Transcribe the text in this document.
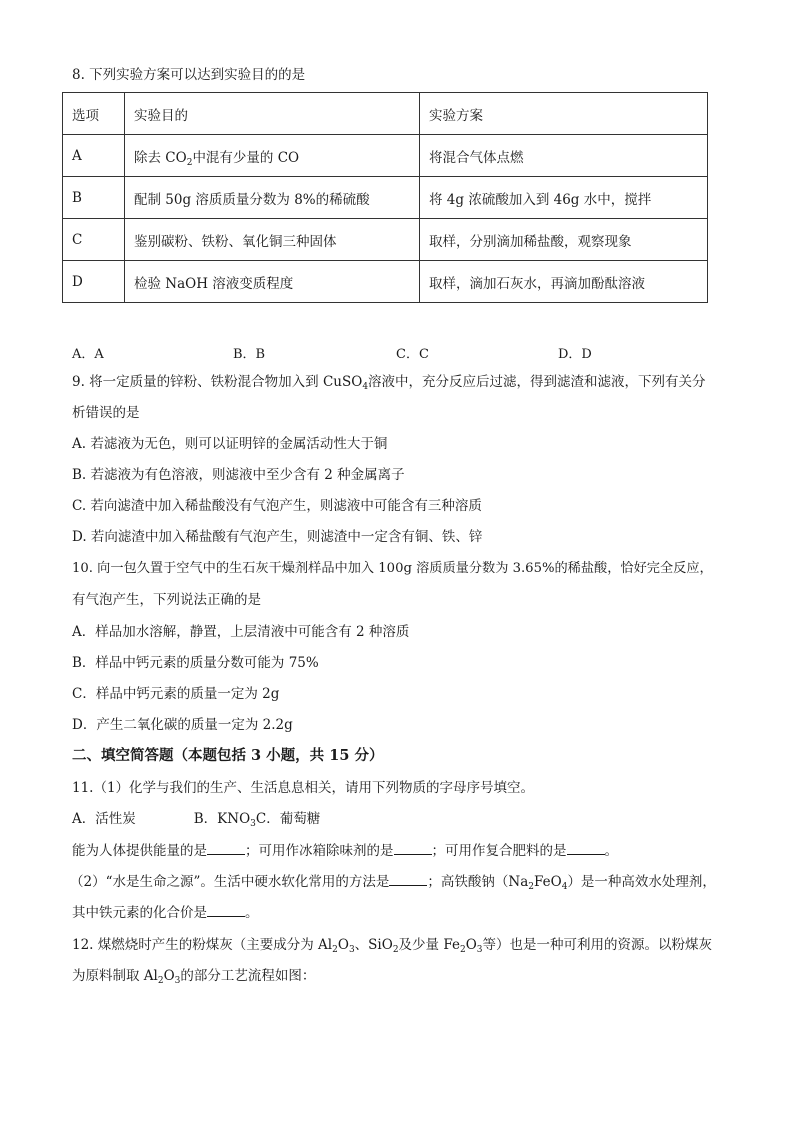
8. 下列实验方案可以达到实验目的的是
选项	实验目的	实验方案
A	除去 $CO_2$中混有少量的 CO	将混合气体点燃
B	配制 50g 溶质质量分数为 8%的稀硫酸	将 4g 浓硫酸加入到 46g 水中，搅拌
C	鉴别碳粉、铁粉、氧化铜三种固体	取样，分别滴加稀盐酸，观察现象
D	检验 NaOH 溶液变质程度	取样，滴加石灰水，再滴加酚酞溶液
A．A	B．B	C．C	D．D
9. 将一定质量的锌粉、铁粉混合物加入到 CuSO$_4$溶液中，充分反应后过滤，得到滤渣和滤液，下列有关分
析错误的是
A. 若滤液为无色，则可以证明锌的金属活动性大于铜
B. 若滤液为有色溶液，则滤液中至少含有 2 种金属离子
C. 若向滤渣中加入稀盐酸没有气泡产生，则滤液中可能含有三种溶质
D. 若向滤渣中加入稀盐酸有气泡产生，则滤渣中一定含有铜、铁、锌
10. 向一包久置于空气中的生石灰干燥剂样品中加入 100g 溶质质量分数为 3.65%的稀盐酸，恰好完全反应，
有气泡产生，下列说法正确的是
A．样品加水溶解，静置，上层清液中可能含有 2 种溶质
B．样品中钙元素的质量分数可能为 75%
C．样品中钙元素的质量一定为 2g
D．产生二氧化碳的质量一定为 2.2g
二、填空简答题（本题包括 3 小题，共 15 分）
11.（1）化学与我们的生产、生活息息相关，请用下列物质的字母序号填空。
A．活性炭	B．$KNO_3C$．葡萄糖
能为人体提供能量的是	；可用作冰箱除味剂的是	；可用作复合肥料的是	。
（2）“水是生命之源”。生活中硬水软化常用的方法是	；高铁酸钠$(Na_2FeO_4)$是一种高效水处理剂，
其中铁元素的化合价是	。
12. 煤燃烧时产生的粉煤灰（主要成分为 $Al_2O_3$、SiO$_2$及少量 $Fe_2O_3$等）也是一种可利用的资源。以粉煤灰
为原料制取 $Al_2O_3$的部分工艺流程如图：
